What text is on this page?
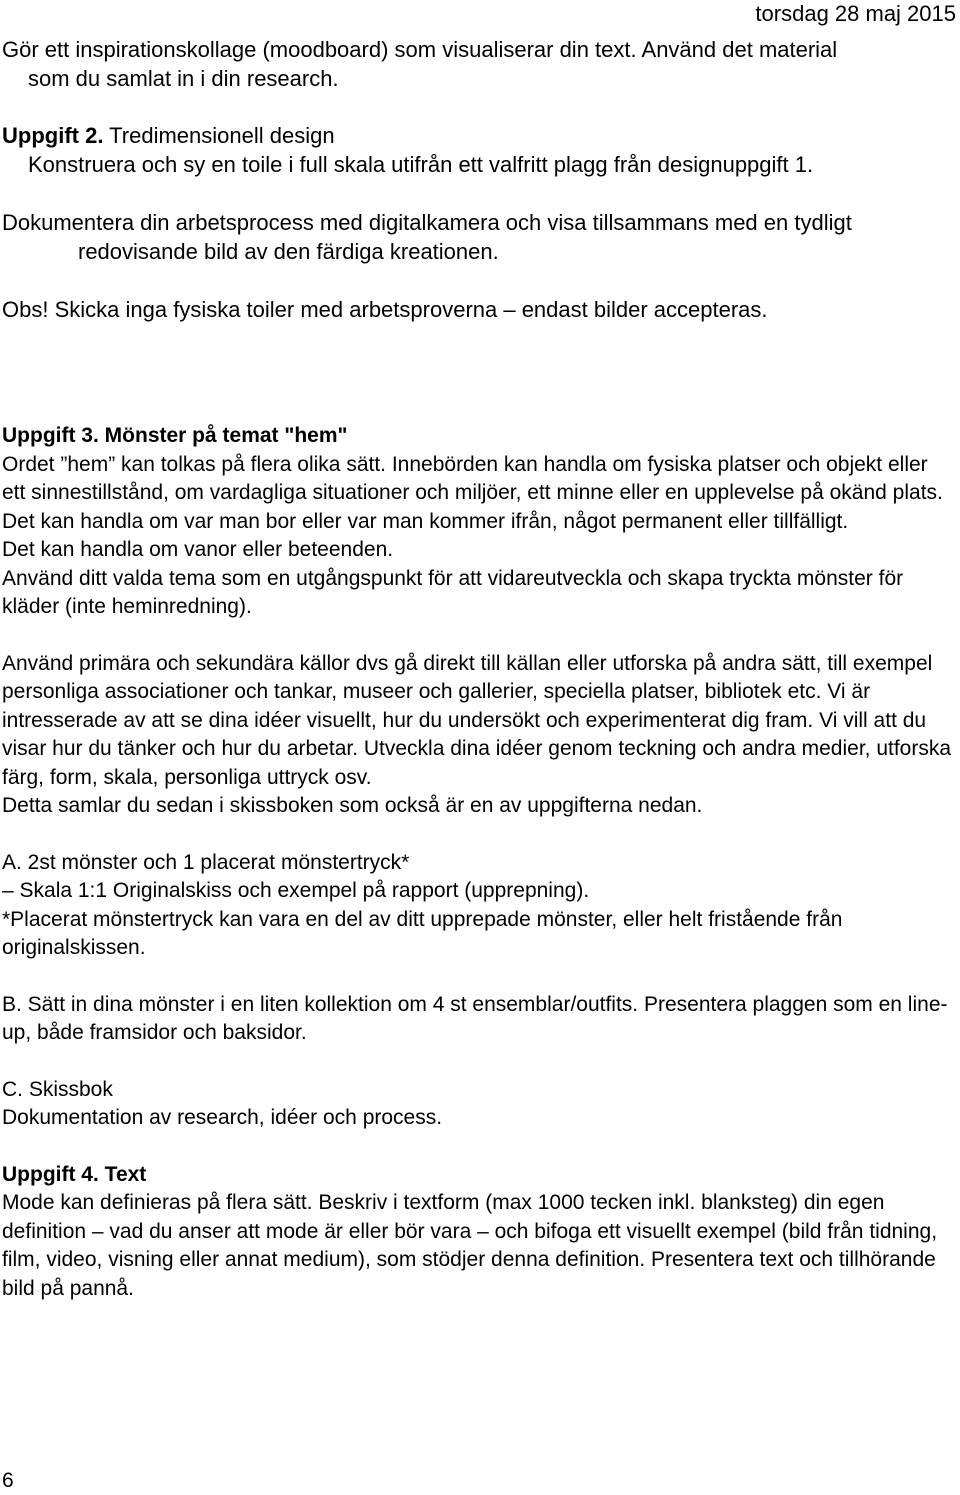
torsdag 28 maj 2015

Gör ett inspirationskollage (moodboard) som visualiserar din text. Använd det material

som du samlat in i din research.

Uppgift 2. Tredimensionell design

Konstruera och sy en toile i full skala utifrån ett valfritt plagg från designuppgift 1.

Dokumentera din arbetsprocess med digitalkamera och visa tillsammans med en tydligt redovisande bild av den färdiga kreationen.

Obs! Skicka inga fysiska toiler med arbetsproverna – endast bilder accepteras.

Uppgift 3. Mönster på temat "hem"

Ordet ”hem” kan tolkas på flera olika sätt. Innebörden kan handla om fysiska platser och objekt eller ett sinnestillstånd, om vardagliga situationer och miljöer, ett minne eller en upplevelse på okänd plats.

Det kan handla om var man bor eller var man kommer ifrån, något permanent eller tillfälligt.

Det kan handla om vanor eller beteenden.

Använd ditt valda tema som en utgångspunkt för att vidareutveckla och skapa tryckta mönster för kläder (inte heminredning).

Använd primära och sekundära källor dvs gå direkt till källan eller utforska på andra sätt, till exempel personliga associationer och tankar, museer och gallerier, speciella platser, bibliotek etc. Vi är intresserade av att se dina idéer visuellt, hur du undersökt och experimenterat dig fram. Vi vill att du visar hur du tänker och hur du arbetar. Utveckla dina idéer genom teckning och andra medier, utforska färg, form, skala, personliga uttryck osv.

Detta samlar du sedan i skissboken som också är en av uppgifterna nedan.

A. 2st mönster och 1 placerat mönstertryck*

– Skala 1:1 Originalskiss och exempel på rapport (upprepning).

*Placerat mönstertryck kan vara en del av ditt upprepade mönster, eller helt fristående från originalskissen.

B. Sätt in dina mönster i en liten kollektion om 4 st ensemblar/outfits. Presentera plaggen som en line-up, både framsidor och baksidor.

C. Skissbok

Dokumentation av research, idéer och process.

Uppgift 4. Text

Mode kan definieras på flera sätt. Beskriv i textform (max 1000 tecken inkl. blanksteg) din egen definition – vad du anser att mode är eller bör vara – och bifoga ett visuellt exempel (bild från tidning, film, video, visning eller annat medium), som stödjer denna definition. Presentera text och tillhörande bild på pannå.

6
